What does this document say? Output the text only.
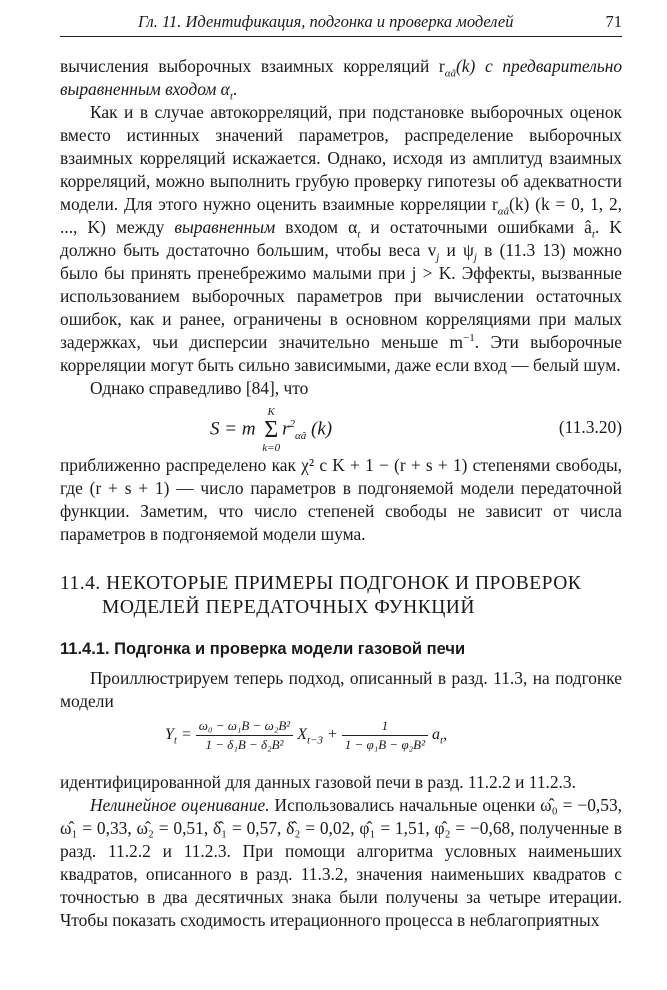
Гл. 11. Идентификация, подгонка и проверка моделей	71

вычисления выборочных взаимных корреляций $r_{\alpha â}(k)$ с предварительно выравненным входом $\alpha_t$.

Как и в случае автокорреляций, при подстановке выборочных оценок вместо истинных значений параметров, распределение выборочных взаимных корреляций искажается. Однако, исходя из амплитуд взаимных корреляций, можно выполнить грубую проверку гипотезы об адекватности модели. Для этого нужно оценить взаимные корреляции $r_{\alpha â}(k) (k = 0$, 1, 2, ..., K) между выравненным входом $\alpha_t$ и остаточными ошибками $â_t$. K должно быть достаточно большим, чтобы веса $v_j$ и $\psi_j$ в (11.3 13) можно было бы принять пренебрежимо малыми при j > K. Эффекты, вызванные использованием выборочных параметров при вычислении остаточных ошибок, как и ранее, ограничены в основном корреляциями при малых задержках, чьи дисперсии значительно меньше $m^{-1}$. Эти выборочные корреляции могут быть сильно зависимыми, даже если вход — белый шум.

Однако справедливо [84], что

S = m
K
Σ
k=0
$r^2_{\alpha â}$ (k)	(11.3.20)

приближенно распределено как χ² с K + 1 − (r + s + 1) степенями свободы, где (r + s + 1) — число параметров в подгоняемой модели передаточной функции. Заметим, что число степеней свободы не зависит от числа параметров в подгоняемой модели шума.

11.4. НЕКОТОРЫЕ ПРИМЕРЫ ПОДГОНОК И ПРОВЕРОК
МОДЕЛЕЙ ПЕРЕДАТОЧНЫХ ФУНКЦИЙ
11.4.1. Подгонка и проверка модели газовой печи

Проиллюстрируем теперь подход, описанный в разд. 11.3, на подгонке модели

$Y_t = \frac{\text{ω₀ − ω₁B − ω₂B²}}{\text{1 − δ₁B − δ₂B²}} X_{t-3} + \frac{1}{\text{1 − φ₁B − φ₂B²}} a_t$,

идентифицированной для данных газовой печи в разд. 11.2.2 и 11.2.3.

Нелинейное оценивание. Использовались начальные оценки ω̂₀ = −0,53, ω̂₁ = 0,33, ω̂₂ = 0,51, δ̂₁ = 0,57, δ̂₂ = 0,02, φ̂₁ = 1,51, φ̂₂ = −0,68, полученные в разд. 11.2.2 и 11.2.3. При помощи алгоритма условных наименьших квадратов, описанного в разд. 11.3.2, значения наименьших квадратов с точностью в два десятичных знака были получены за четыре итерации. Чтобы показать сходимость итерационного процесса в неблагоприятных
